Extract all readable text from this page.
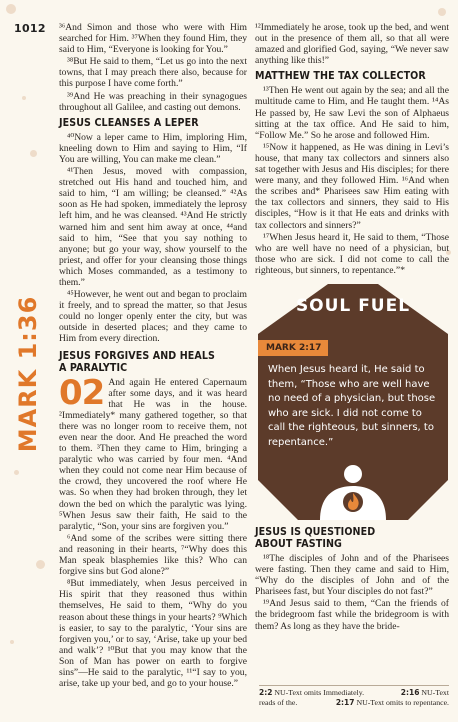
1012
MARK 1:36

³⁶And Simon and those who were with Him searched for Him. ³⁷When they found Him, they said to Him, “Everyone is looking for You.”

³⁸But He said to them, “Let us go into the next towns, that I may preach there also, because for this purpose I have come forth.”

³⁹And He was preaching in their synagogues throughout all Galilee, and casting out demons.

JESUS CLEANSES A LEPER

⁴⁰Now a leper came to Him, imploring Him, kneeling down to Him and saying to Him, “If You are willing, You can make me clean.”

⁴¹Then Jesus, moved with compassion, stretched out His hand and touched him, and said to him, “I am willing; be cleansed.” ⁴²As soon as He had spoken, immediately the leprosy left him, and he was cleansed. ⁴³And He strictly warned him and sent him away at once, ⁴⁴and said to him, “See that you say nothing to anyone; but go your way, show yourself to the priest, and offer for your cleansing those things which Moses commanded, as a testimony to them.”

⁴⁵However, he went out and began to proclaim it freely, and to spread the matter, so that Jesus could no longer openly enter the city, but was outside in deserted places; and they came to Him from every direction.

JESUS FORGIVES AND HEALS
A PARALYTIC

02 And again He entered Capernaum after some days, and it was heard that He was in the house. ²Immediately* many gathered together, so that there was no longer room to receive them, not even near the door. And He preached the word to them. ³Then they came to Him, bringing a paralytic who was carried by four men. ⁴And when they could not come near Him because of the crowd, they uncovered the roof where He was. So when they had broken through, they let down the bed on which the paralytic was lying. ⁵When Jesus saw their faith, He said to the paralytic, “Son, your sins are forgiven you.”

⁶And some of the scribes were sitting there and reasoning in their hearts, ⁷“Why does this Man speak blasphemies like this? Who can forgive sins but God alone?”

⁸But immediately, when Jesus perceived in His spirit that they reasoned thus within themselves, He said to them, “Why do you reason about these things in your hearts? ⁹Which is easier, to say to the paralytic, ‘Your sins are forgiven you,’ or to say, ‘Arise, take up your bed and walk’? ¹⁰But that you may know that the Son of Man has power on earth to forgive sins”—He said to the paralytic, ¹¹“I say to you, arise, take up your bed, and go to your house.”

¹²Immediately he arose, took up the bed, and went out in the presence of them all, so that all were amazed and glorified God, saying, “We never saw anything like this!”

MATTHEW THE TAX COLLECTOR

¹³Then He went out again by the sea; and all the multitude came to Him, and He taught them. ¹⁴As He passed by, He saw Levi the son of Alphaeus sitting at the tax office. And He said to him, “Follow Me.” So he arose and followed Him.

¹⁵Now it happened, as He was dining in Levi’s house, that many tax collectors and sinners also sat together with Jesus and His disciples; for there were many, and they followed Him. ¹⁶And when the scribes and* Pharisees saw Him eating with the tax collectors and sinners, they said to His disciples, “How is it that He eats and drinks with tax collectors and sinners?”

¹⁷When Jesus heard it, He said to them, “Those who are well have no need of a physician, but those who are sick. I did not come to call the righteous, but sinners, to repentance.”*

SOUL FUEL
MARK 2:17
When Jesus heard it, He said to them, “Those who are well have no need of a physician, but those who are sick. I did not come to call the righteous, but sinners, to repentance.”
JESUS IS QUESTIONED
ABOUT FASTING

¹⁸The disciples of John and of the Pharisees were fasting. Then they came and said to Him, “Why do the disciples of John and of the Pharisees fast, but Your disciples do not fast?”

¹⁹And Jesus said to them, “Can the friends of the bridegroom fast while the bridegroom is with them? As long as they have the bride-

2:2 NU-Text omits Immediately.	2:16 NU-Text
reads of the.	2:17 NU-Text omits to repentance.
